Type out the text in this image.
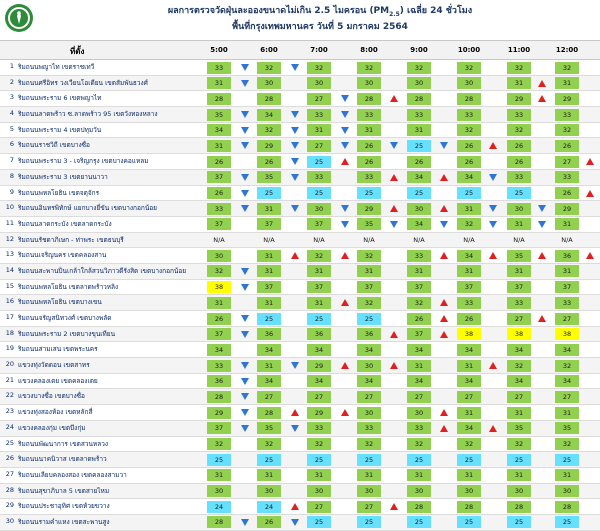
ผลการตรวจวัดฝุ่นละอองขนาดไม่เกิน 2.5 ไมครอน $(PM_{2.5})$ เฉลี่ย 24 ชั่วโมง
พื้นที่กรุงเทพมหานคร วันที่ 5 มกราคม 2564
ที่ตั้ง	5:00	6:00	7:00	8:00	9:00	10:00	11:00	12:00
1 ริมถนนพญาไท เขตราชเทวี	33	32	32	32	32	32	32	32
2 ริมถนนศรีอิทร วงเวียนโอเดียน เขตสัมพันธวงศ์	31	30	30	30	30	30	31	31
3 ริมถนนพระราม 6 เขตพญาไท	28	28	27	28	28	28	29	29
4 ริมถนนลาดพร้าว ซ.ลาดพร้าว 95 เขตวังทองหลาง	35	34	33	33	33	33	33	33
5 ริมถนนพระราม 4 เขตปทุมวัน	34	32	31	31	31	32	32	32
6 ริมถนนราชวิถี เขตบางซื่อ	31	29	27	26	25	26	26	26
7 ริมถนนพระราม 3 - เจริญกรุง เขตบางคอแหลม	26	26	25	26	26	26	26	27
8 ริมถนนพระราม 3 เขตยานนาวา	37	35	33	33	34	34	33	33
9 ริมถนนพหลโยธิน เขตจตุจักร	26	25	25	25	25	25	25	26
10 ริมถนนอินทรพิทักษ์ แยกบางยี่ขัน เขตบางกอกน้อย	33	31	30	29	30	31	30	29
11 ริมถนนลาดกระบัง เขตลาดกระบัง	37	37	37	35	34	32	31	31
12 ริมถนนรัชดาภิเษก - ท่าพระ เขตธนบุรี	N/A	N/A	N/A	N/A	N/A	N/A	N/A	N/A
13 ริมถนนเจริญนคร เขตคลองสาน	30	31	32	32	33	34	35	36
14 ริมถนนสะพานปิ่นเกล้าใกล้สวนวิภาวดีรังสิต เขตบางกอกน้อย	32	31	31	31	31	31	31	31
15 ริมถนนพหลโยธิน เขตลาดพร้าวหลิง	38	37	37	37	37	37	37	37
16 ริมถนนพหลโยธิน เขตบางเขน	31	31	31	32	32	33	33	33
17 ริมถนนจรัญสนิทวงศ์ เขตบางพลัด	26	25	25	25	26	26	27	27
18 ริมถนนพระราม 2 เขตบางขุนเทียน	37	36	36	36	37	38	38	38
19 ริมถนนสามเสน เขตพระนคร	34	34	34	34	34	34	34	34
20 แขวงทุ่งวัดดอน เขตสาทร	33	31	29	30	31	31	32	32
21 แขวงคลองเตย เขตคลองเตย	36	34	34	34	34	34	34	34
22 แขวงบางซื่อ เขตบางซื่อ	28	27	27	27	27	27	27	27
23 แขวงทุ่งสองห้อง เขตหลักสี่	29	28	29	30	30	31	31	31
24 แขวงคลองกุ่ม เขตบึงกุ่ม	37	35	33	33	33	34	35	35
25 ริมถนนพัฒนาการ เขตสวนหลวง	32	32	32	32	32	32	32	32
26 ริมถนนนาคนิวาส เขตลาดพร้าว	25	25	25	25	25	25	25	25
27 ริมถนนเลียบคลองสอง เขตคลองสามวา	31	31	31	31	31	31	31	31
28 ริมถนนสุขาภิบาล 5 เขตสายไหม	30	30	30	30	30	30	30	30
29 ริมถนนประชาอุทิศ เขตห้วยขวาง	24	24	27	27	28	28	28	28
30 ริมถนนรามคำแหง เขตสะพานสูง	28	26	25	25	25	25	25	25
